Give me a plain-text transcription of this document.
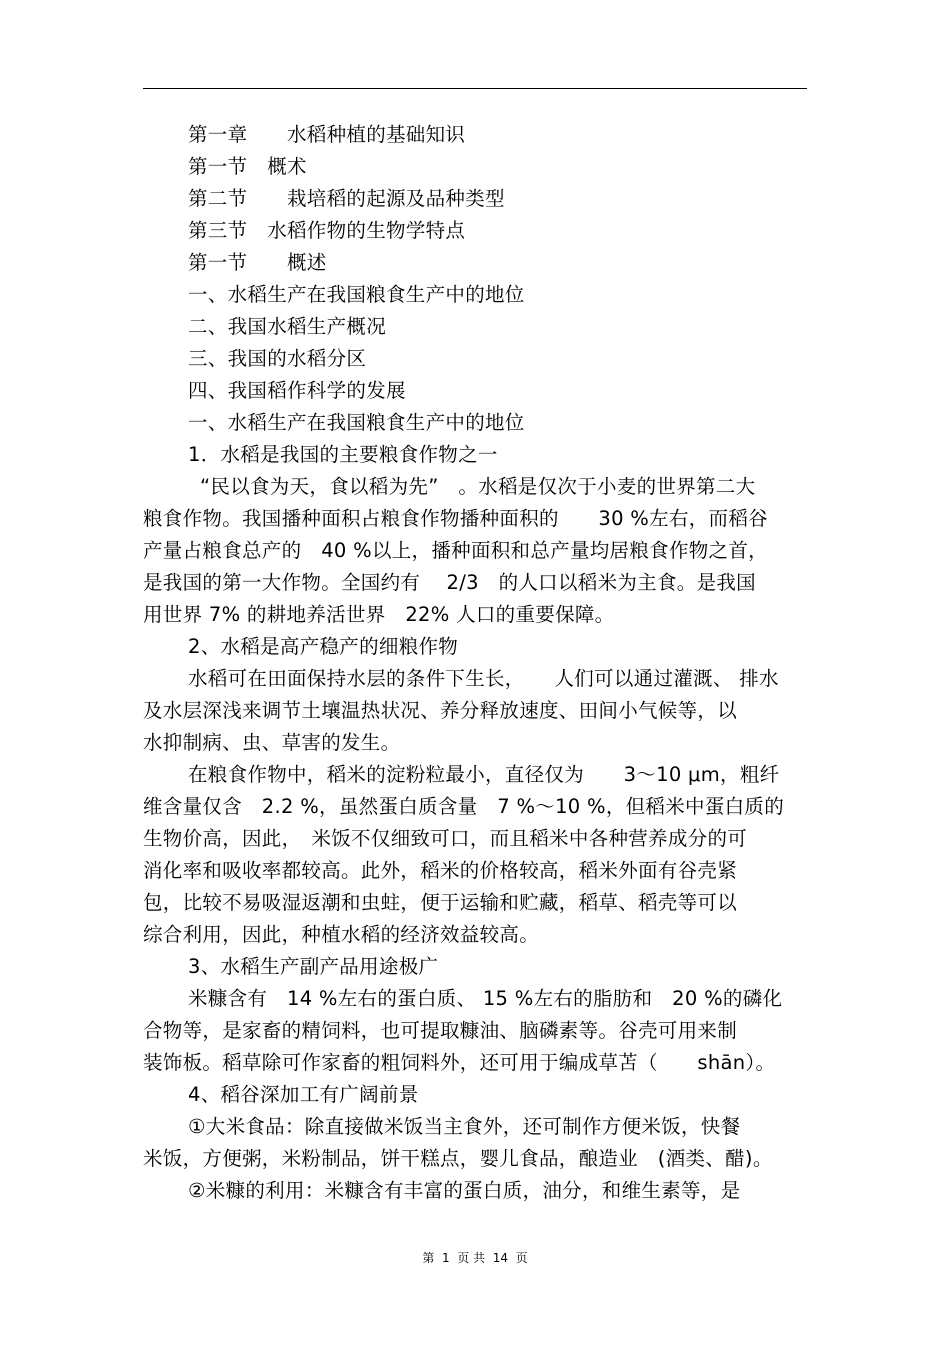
第一章　　水稻种植的基础知识
第一节　概术
第二节　　栽培稻的起源及品种类型
第三节　水稻作物的生物学特点
第一节　　概述
一、水稻生产在我国粮食生产中的地位
二、我国水稻生产概况
三、我国的水稻分区
四、我国稻作科学的发展
一、水稻生产在我国粮食生产中的地位
1．水稻是我国的主要粮食作物之一
“民以食为天，食以稻为先”　。水稻是仅次于小麦的世界第二大
粮食作物。我国播种面积占粮食作物播种面积的　　30 %左右，而稻谷
产量占粮食总产的　40 %以上，播种面积和总产量均居粮食作物之首，
是我国的第一大作物。全国约有　 2/3　的人口以稻米为主食。是我国
用世界 7% 的耕地养活世界　22% 人口的重要保障。
2、水稻是高产稳产的细粮作物
水稻可在田面保持水层的条件下生长，　　人们可以通过灌溉、 排水
及水层深浅来调节土壤温热状况、养分释放速度、田间小气候等，以
水抑制病、虫、草害的发生。
在粮食作物中，稻米的淀粉粒最小，直径仅为　　3～10 μm，粗纤
维含量仅含　2.2 %，虽然蛋白质含量　7 %～10 %，但稻米中蛋白质的
生物价高，因此，　米饭不仅细致可口，而且稻米中各种营养成分的可
消化率和吸收率都较高。此外，稻米的价格较高，稻米外面有谷壳紧
包，比较不易吸湿返潮和虫蛀，便于运输和贮藏，稻草、稻壳等可以
综合利用，因此，种植水稻的经济效益较高。
3、水稻生产副产品用途极广
米糠含有　14 %左右的蛋白质、 15 %左右的脂肪和　20 %的磷化
合物等，是家畜的精饲料，也可提取糠油、脑磷素等。谷壳可用来制
装饰板。稻草除可作家畜的粗饲料外，还可用于编成草苫（　　shān）。
4、稻谷深加工有广阔前景
①大米食品：除直接做米饭当主食外，还可制作方便米饭，快餐
米饭，方便粥，米粉制品，饼干糕点，婴儿食品，酿造业　(酒类、醋)。
②米糠的利用：米糠含有丰富的蛋白质，油分，和维生素等，是
第  1  页 共  14  页
